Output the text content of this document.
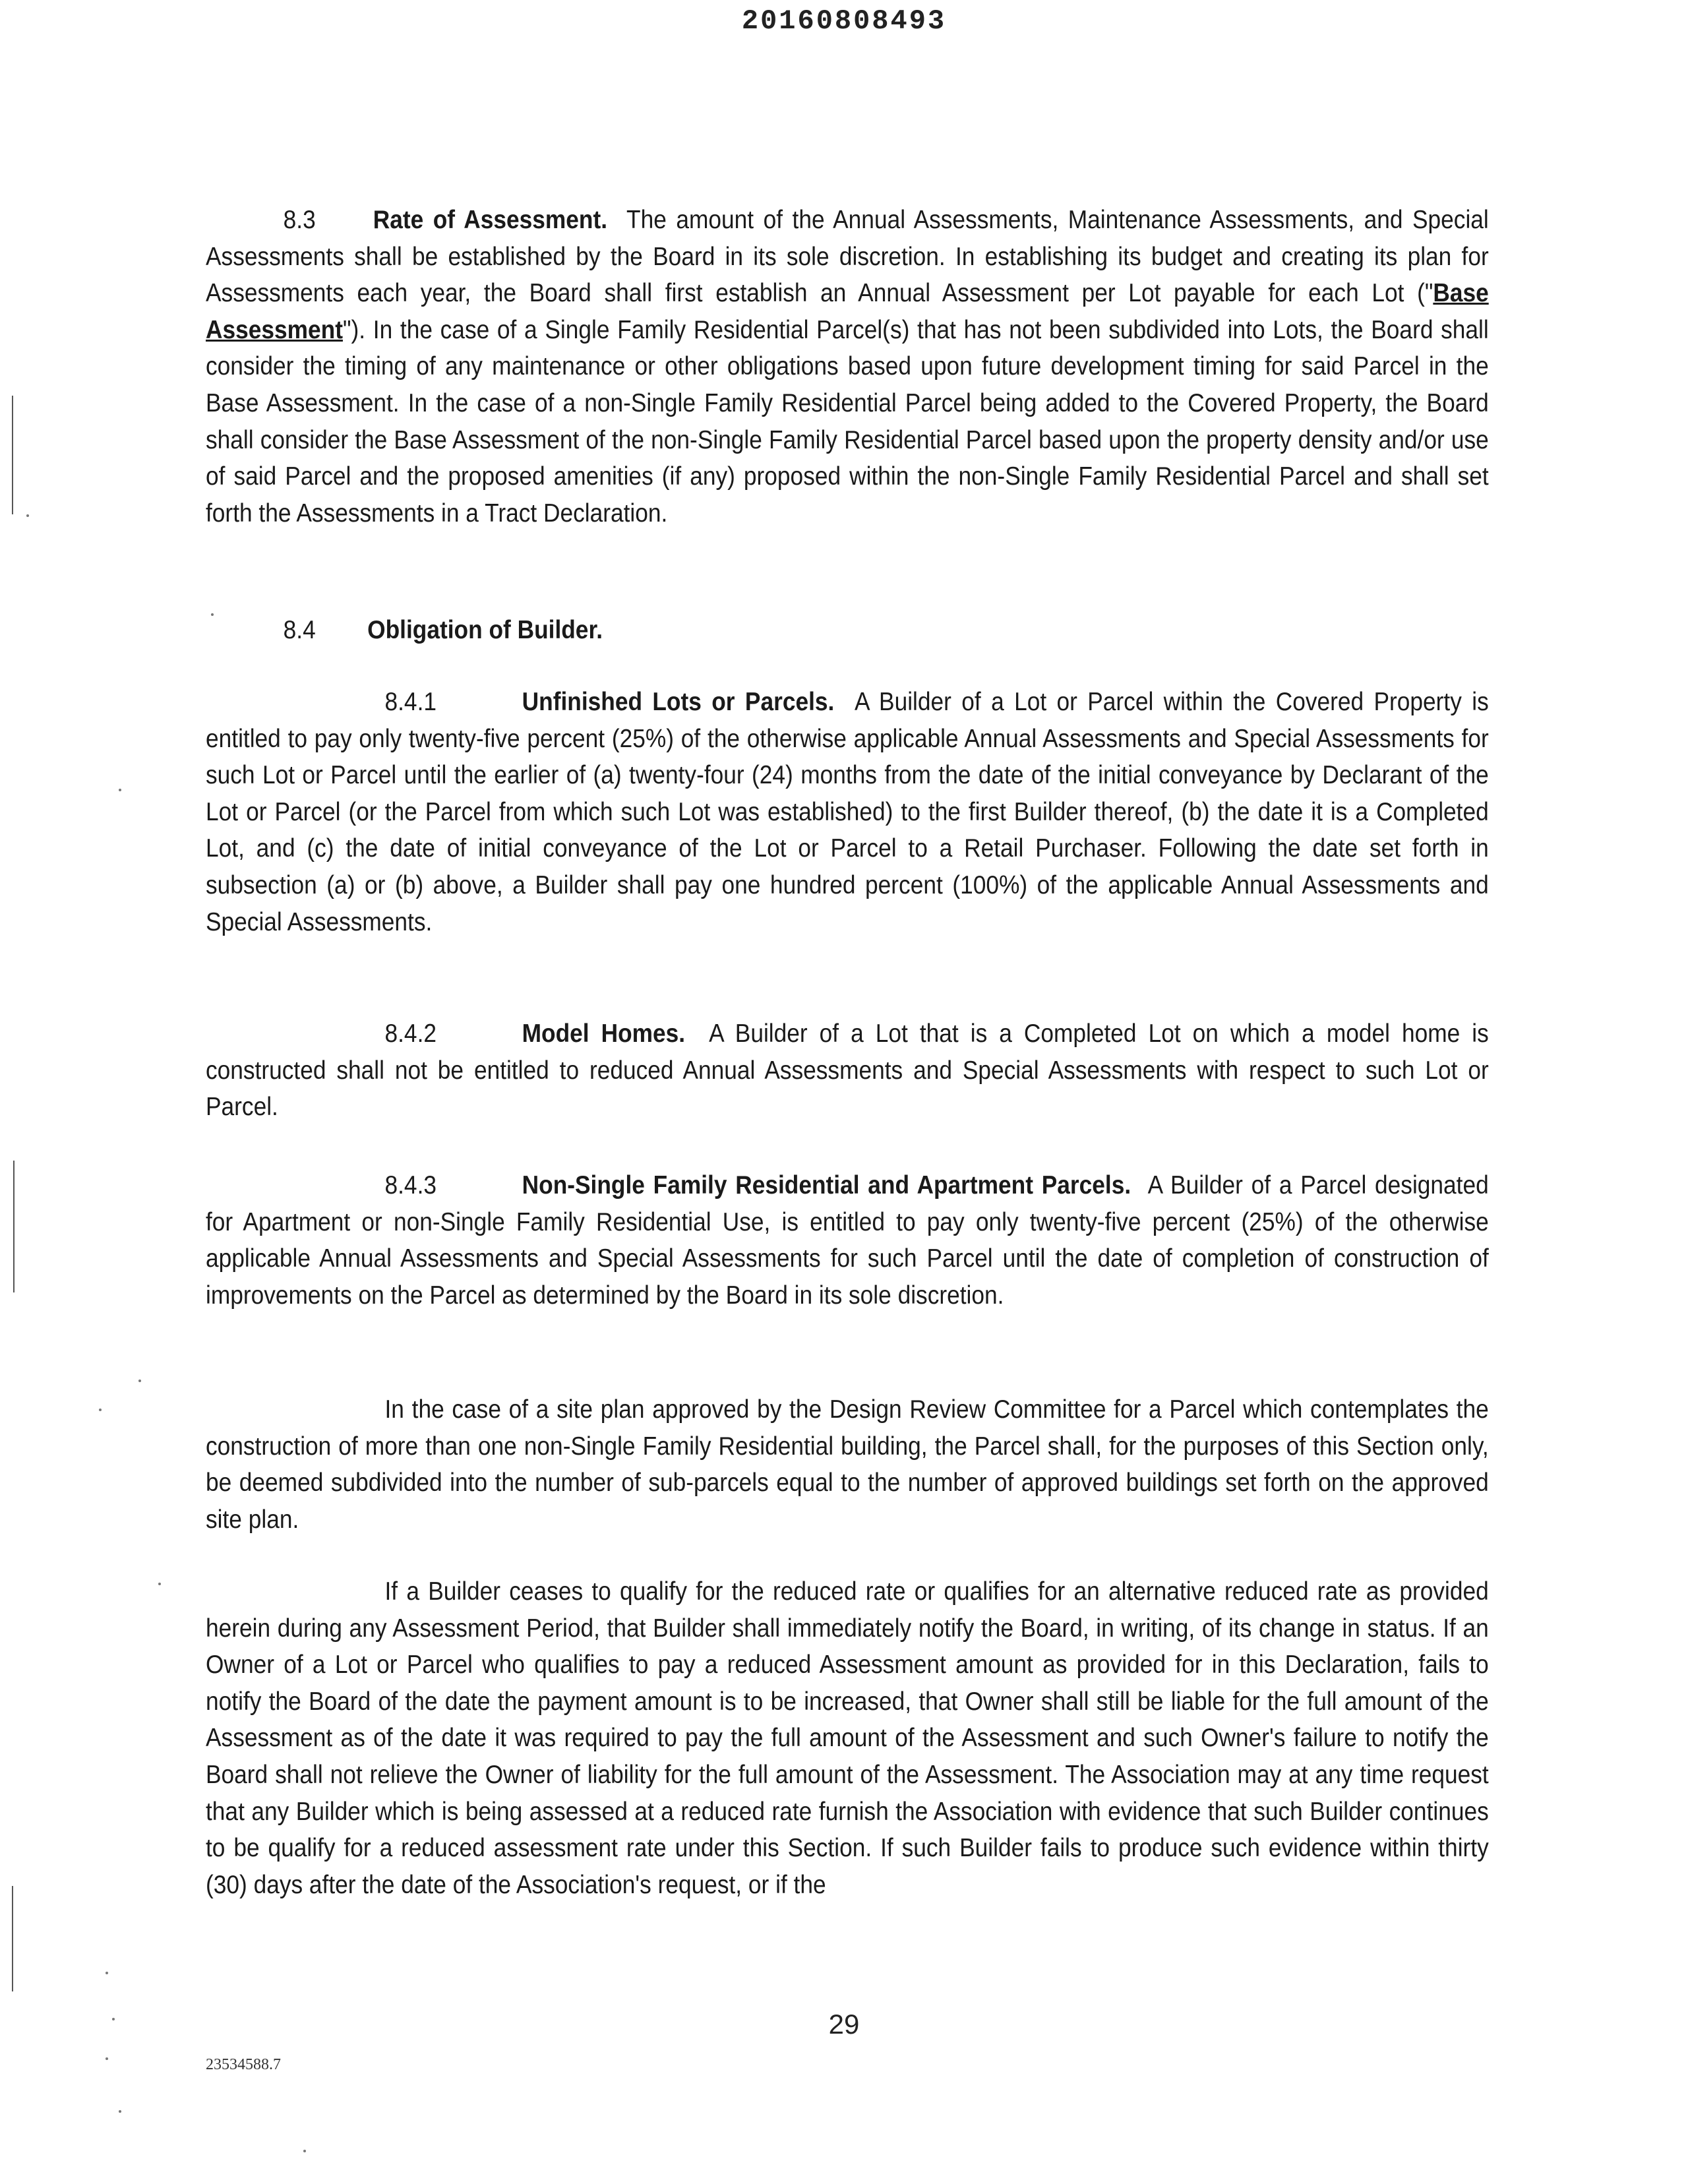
20160808493

8.3 Rate of Assessment. The amount of the Annual Assessments, Maintenance Assessments, and Special Assessments shall be established by the Board in its sole discretion. In establishing its budget and creating its plan for Assessments each year, the Board shall first establish an Annual Assessment per Lot payable for each Lot ("Base Assessment"). In the case of a Single Family Residential Parcel(s) that has not been subdivided into Lots, the Board shall consider the timing of any maintenance or other obligations based upon future development timing for said Parcel in the Base Assessment. In the case of a non-Single Family Residential Parcel being added to the Covered Property, the Board shall consider the Base Assessment of the non-Single Family Residential Parcel based upon the property density and/or use of said Parcel and the proposed amenities (if any) proposed within the non-Single Family Residential Parcel and shall set forth the Assessments in a Tract Declaration.

8.4 Obligation of Builder.

8.4.1	Unfinished Lots or Parcels. A Builder of a Lot or Parcel within the Covered Property is entitled to pay only twenty-five percent (25%) of the otherwise applicable Annual Assessments and Special Assessments for such Lot or Parcel until the earlier of (a) twenty-four (24) months from the date of the initial conveyance by Declarant of the Lot or Parcel (or the Parcel from which such Lot was established) to the first Builder thereof, (b) the date it is a Completed Lot, and (c) the date of initial conveyance of the Lot or Parcel to a Retail Purchaser. Following the date set forth in subsection (a) or (b) above, a Builder shall pay one hundred percent (100%) of the applicable Annual Assessments and Special Assessments.

8.4.2	Model Homes. A Builder of a Lot that is a Completed Lot on which a model home is constructed shall not be entitled to reduced Annual Assessments and Special Assessments with respect to such Lot or Parcel.

8.4.3	Non-Single Family Residential and Apartment Parcels. A Builder of a Parcel designated for Apartment or non-Single Family Residential Use, is entitled to pay only twenty-five percent (25%) of the otherwise applicable Annual Assessments and Special Assessments for such Parcel until the date of completion of construction of improvements on the Parcel as determined by the Board in its sole discretion.

In the case of a site plan approved by the Design Review Committee for a Parcel which contemplates the construction of more than one non-Single Family Residential building, the Parcel shall, for the purposes of this Section only, be deemed subdivided into the number of sub-parcels equal to the number of approved buildings set forth on the approved site plan.

If a Builder ceases to qualify for the reduced rate or qualifies for an alternative reduced rate as provided herein during any Assessment Period, that Builder shall immediately notify the Board, in writing, of its change in status. If an Owner of a Lot or Parcel who qualifies to pay a reduced Assessment amount as provided for in this Declaration, fails to notify the Board of the date the payment amount is to be increased, that Owner shall still be liable for the full amount of the Assessment as of the date it was required to pay the full amount of the Assessment and such Owner's failure to notify the Board shall not relieve the Owner of liability for the full amount of the Assessment. The Association may at any time request that any Builder which is being assessed at a reduced rate furnish the Association with evidence that such Builder continues to be qualify for a reduced assessment rate under this Section. If such Builder fails to produce such evidence within thirty (30) days after the date of the Association's request, or if the

29
23534588.7
